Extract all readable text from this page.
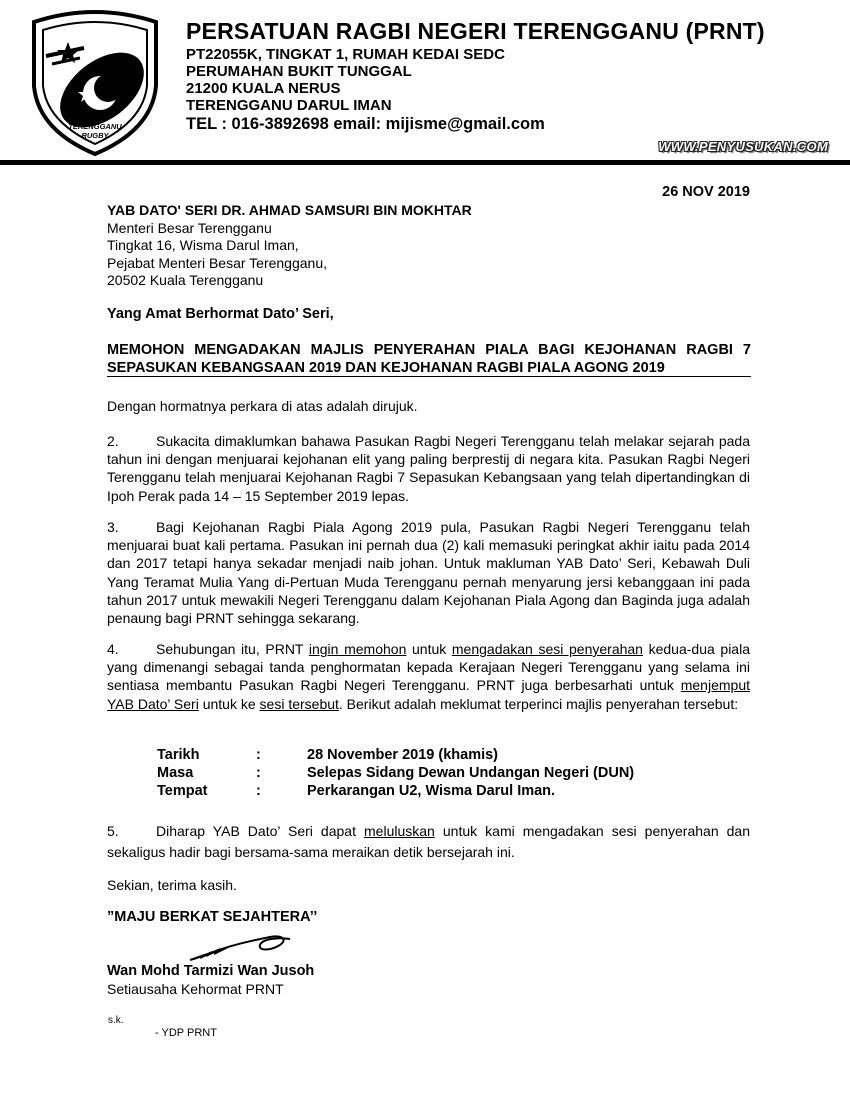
TERENGGANU
RUGBY
PERSATUAN RAGBI NEGERI TERENGGANU (PRNT)
PT22055K, TINGKAT 1, RUMAH KEDAI SEDC
PERUMAHAN BUKIT TUNGGAL
21200 KUALA NERUS
TERENGGANU DARUL IMAN
TEL : 016-3892698 email: mijisme@gmail.com
WWW.PENYUSUKAN.COM
26 NOV 2019
YAB DATO' SERI DR. AHMAD SAMSURI BIN MOKHTAR
Menteri Besar Terengganu
Tingkat 16, Wisma Darul Iman,
Pejabat Menteri Besar Terengganu,
20502 Kuala Terengganu
Yang Amat Berhormat Dato’ Seri,
MEMOHON MENGADAKAN MAJLIS PENYERAHAN PIALA BAGI KEJOHANAN RAGBI 7 SEPASUKAN KEBANGSAAN 2019 DAN KEJOHANAN RAGBI PIALA AGONG 2019
Dengan hormatnya perkara di atas adalah dirujuk.
2.	Sukacita dimaklumkan bahawa Pasukan Ragbi Negeri Terengganu telah melakar sejarah pada tahun ini dengan menjuarai kejohanan elit yang paling berprestij di negara kita. Pasukan Ragbi Negeri Terengganu telah menjuarai Kejohanan Ragbi 7 Sepasukan Kebangsaan yang telah dipertandingkan di Ipoh Perak pada 14 – 15 September 2019 lepas.
3.	Bagi Kejohanan Ragbi Piala Agong 2019 pula, Pasukan Ragbi Negeri Terengganu telah menjuarai buat kali pertama. Pasukan ini pernah dua (2) kali memasuki peringkat akhir iaitu pada 2014 dan 2017 tetapi hanya sekadar menjadi naib johan. Untuk makluman YAB Dato’ Seri, Kebawah Duli Yang Teramat Mulia Yang di-Pertuan Muda Terengganu pernah menyarung jersi kebanggaan ini pada tahun 2017 untuk mewakili Negeri Terengganu dalam Kejohanan Piala Agong dan Baginda juga adalah penaung bagi PRNT sehingga sekarang.
4.	Sehubungan itu, PRNT ingin memohon untuk mengadakan sesi penyerahan kedua-dua piala yang dimenangi sebagai tanda penghormatan kepada Kerajaan Negeri Terengganu yang selama ini sentiasa membantu Pasukan Ragbi Negeri Terengganu. PRNT juga berbesarhati untuk menjemput YAB Dato’ Seri untuk ke sesi tersebut. Berikut adalah meklumat terperinci majlis penyerahan tersebut:
Tarikh	:	28 November 2019 (khamis)
Masa	:	Selepas Sidang Dewan Undangan Negeri (DUN)
Tempat	:	Perkarangan U2, Wisma Darul Iman.
5.	Diharap YAB Dato’ Seri dapat meluluskan untuk kami mengadakan sesi penyerahan dan sekaligus hadir bagi bersama-sama meraikan detik bersejarah ini.
Sekian, terima kasih.
”MAJU BERKAT SEJAHTERA’’
Wan Mohd Tarmizi Wan Jusoh
Setiausaha Kehormat PRNT
s.k.
- YDP PRNT
